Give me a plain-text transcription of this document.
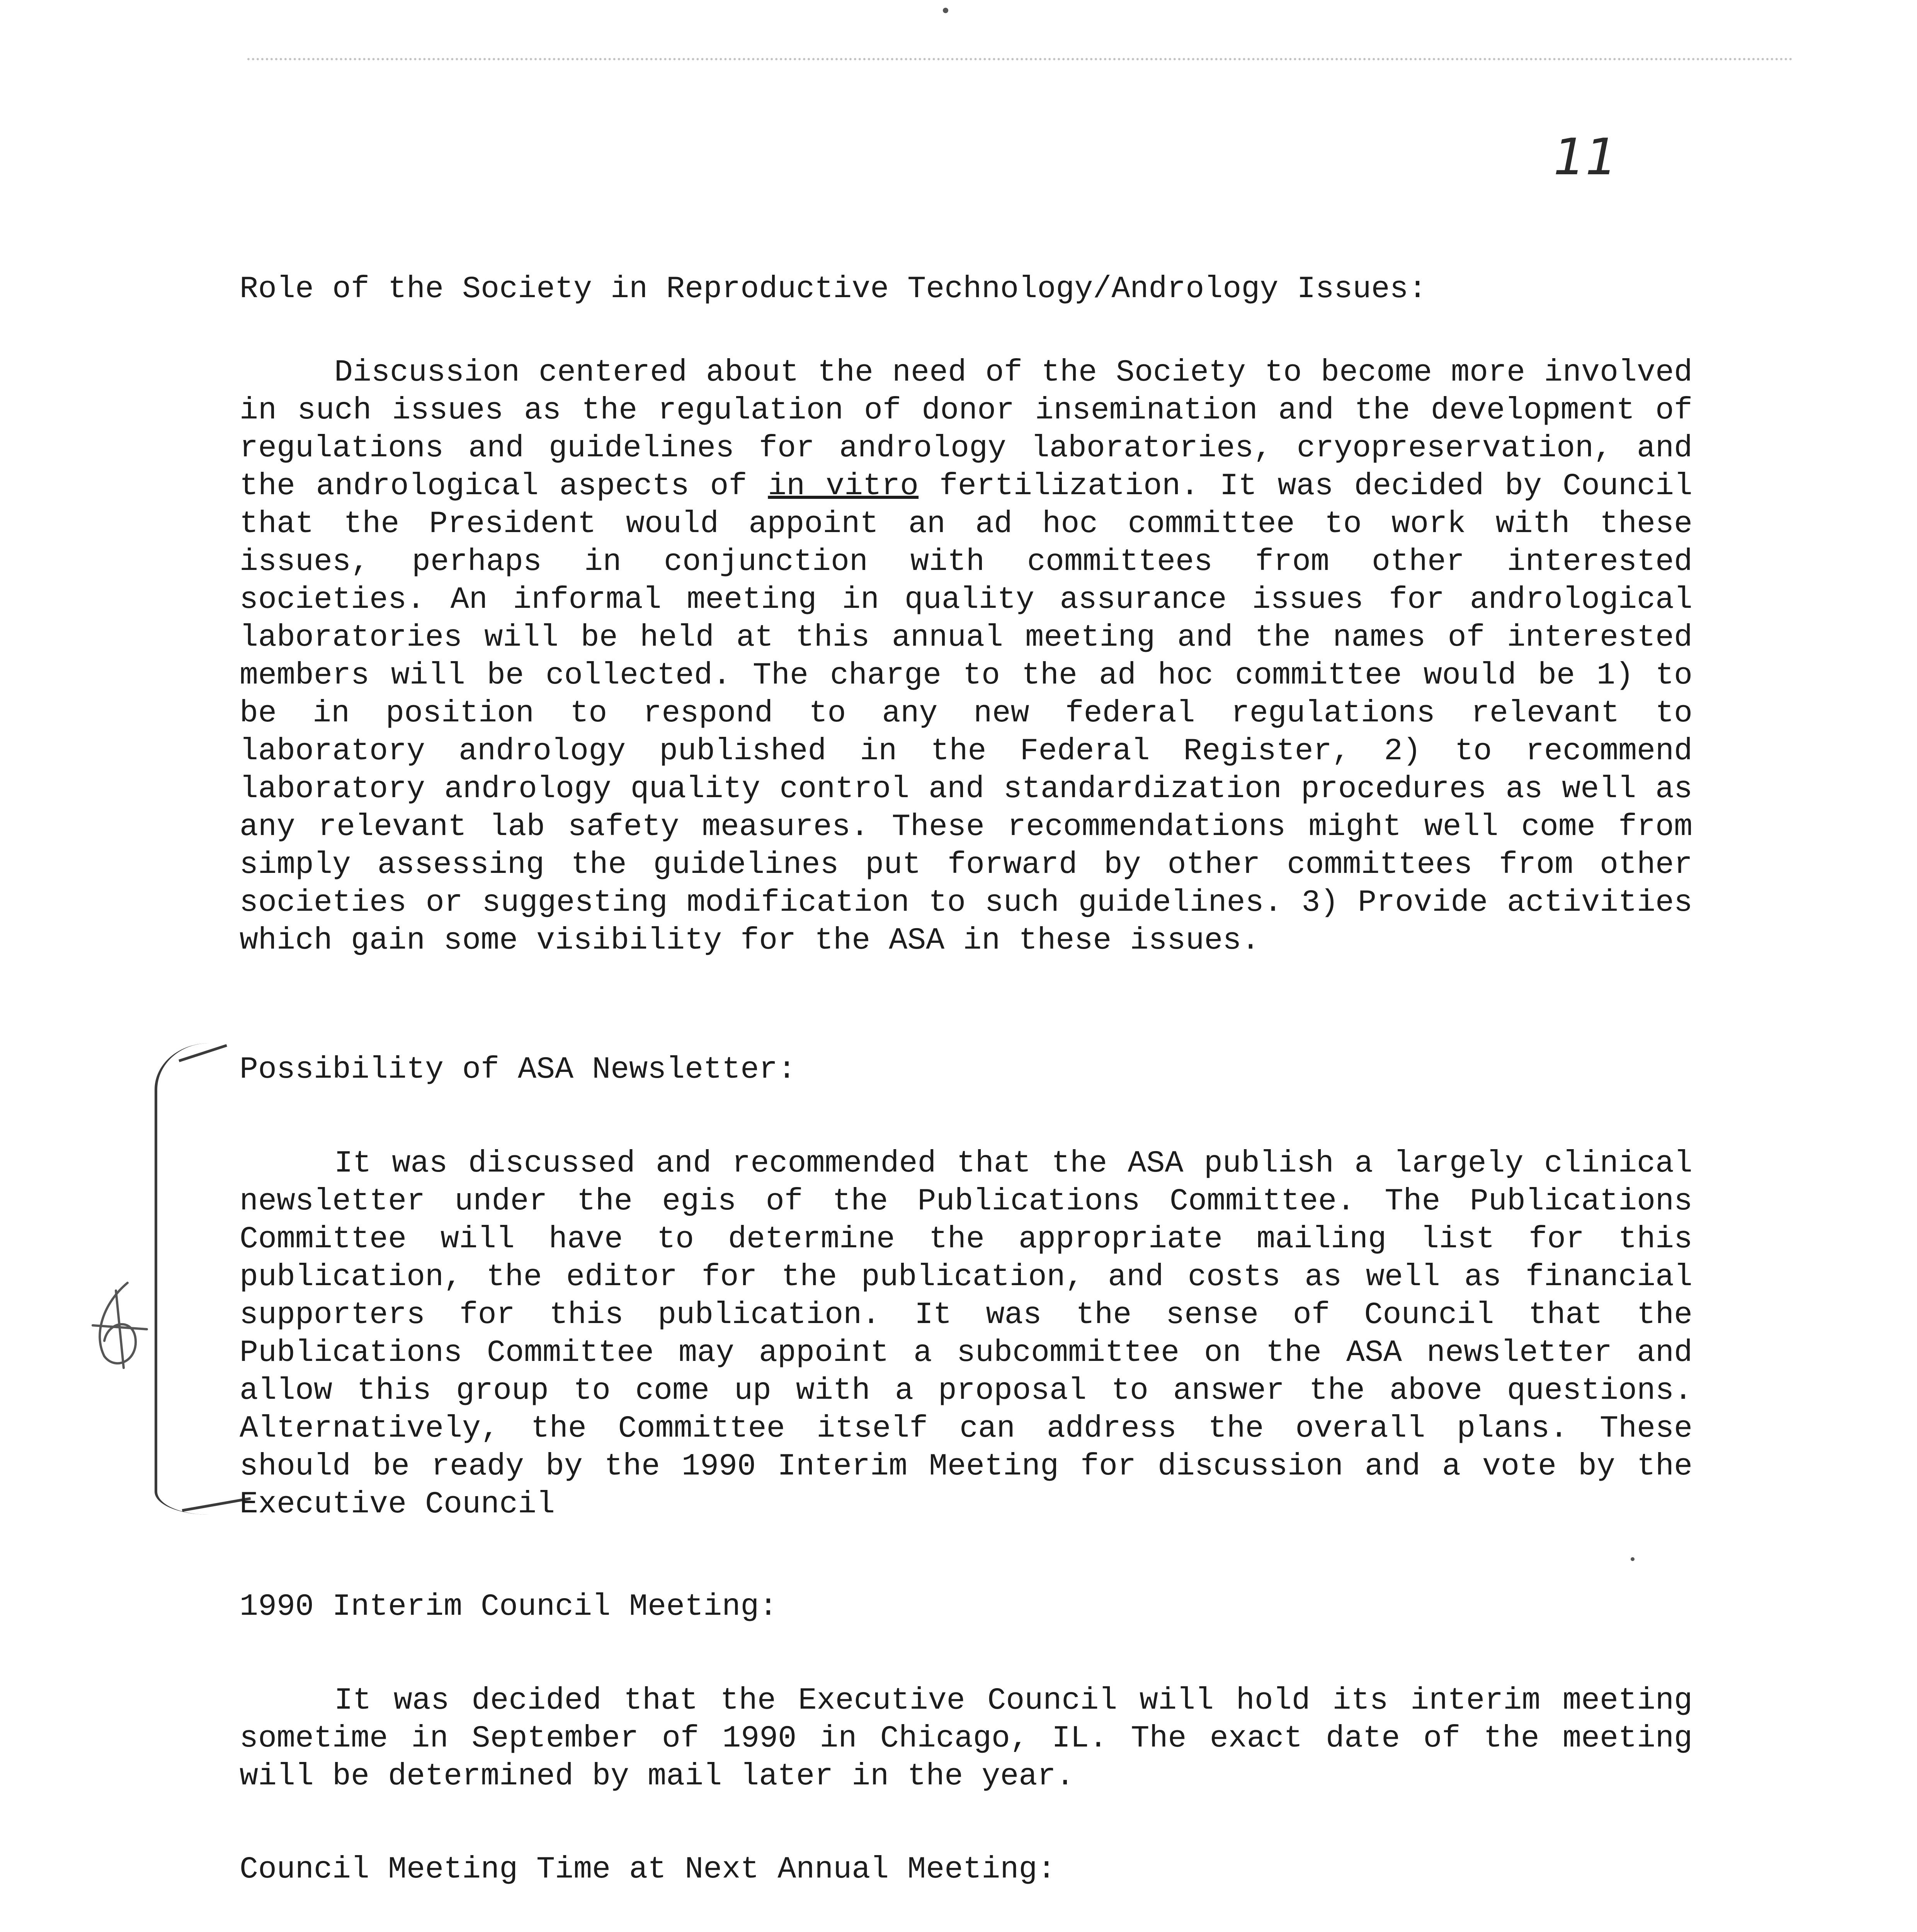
11

Role of the Society in Reproductive Technology/Andrology Issues:

Discussion centered about the need of the Society to become more involved in such issues as the regulation of donor insemination and the development of regulations and guidelines for andrology laboratories, cryopreservation, and the andrological aspects of in vitro fertilization. It was decided by Council that the President would appoint an ad hoc committee to work with these issues, perhaps in conjunction with committees from other interested societies. An informal meeting in quality assurance issues for andrological laboratories will be held at this annual meeting and the names of interested members will be collected. The charge to the ad hoc committee would be 1) to be in position to respond to any new federal regulations relevant to laboratory andrology published in the Federal Register, 2) to recommend laboratory andrology quality control and standardization procedures as well as any relevant lab safety measures. These recommendations might well come from simply assessing the guidelines put forward by other committees from other societies or suggesting modification to such guidelines. 3) Provide activities which gain some visibility for the ASA in these issues.

Possibility of ASA Newsletter:

It was discussed and recommended that the ASA publish a largely clinical newsletter under the egis of the Publications Committee. The Publications Committee will have to determine the appropriate mailing list for this publication, the editor for the publication, and costs as well as financial supporters for this publication. It was the sense of Council that the Publications Committee may appoint a subcommittee on the ASA newsletter and allow this group to come up with a proposal to answer the above questions. Alternatively, the Committee itself can address the overall plans. These should be ready by the 1990 Interim Meeting for discussion and a vote by the Executive Council

1990 Interim Council Meeting:

It was decided that the Executive Council will hold its interim meeting sometime in September of 1990 in Chicago, IL. The exact date of the meeting will be determined by mail later in the year.

Council Meeting Time at Next Annual Meeting:
